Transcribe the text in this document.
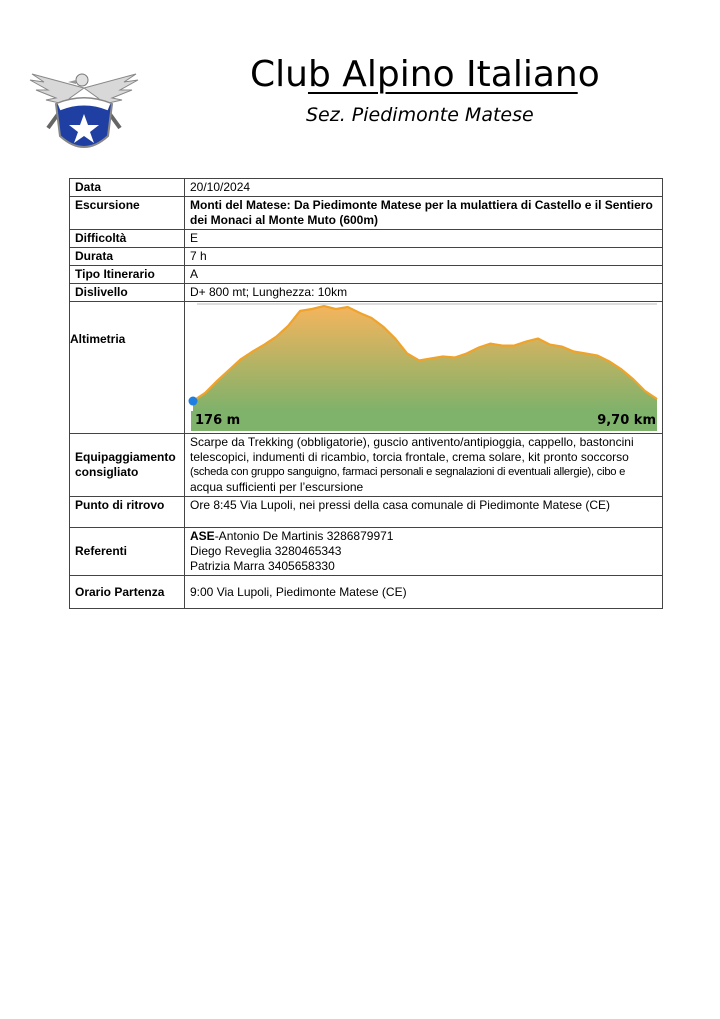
Club Alpino Italiano
Sez. Piedimonte Matese
Data	20/10/2024
Escursione	Monti del Matese: Da Piedimonte Matese per la mulattiera di Castello e il Sentiero dei Monaci al Monte Muto (600m)
Difficoltà	E
Durata	7 h
Tipo Itinerario	A
Dislivello	D+ 800 mt; Lunghezza: 10km
Altimetria	176 m 9,70 km

Equipaggiamento consigliato	Scarpe da Trekking (obbligatorie), guscio antivento/antipioggia, cappello, bastoncini
telescopici, indumenti di ricambio, torcia frontale, crema solare, kit pronto soccorso
(scheda con gruppo sanguigno, farmaci personali e segnalazioni di eventuali allergie), cibo e
acqua sufficienti per l’escursione

Punto di ritrovo	Ore 8:45 Via Lupoli, nei pressi della casa comunale di Piedimonte Matese (CE)
Referenti	ASE-Antonio De Martinis 3286879971
Diego Reveglia 3280465343
Patrizia Marra 3405658330

Orario Partenza	9:00 Via Lupoli, Piedimonte Matese (CE)
